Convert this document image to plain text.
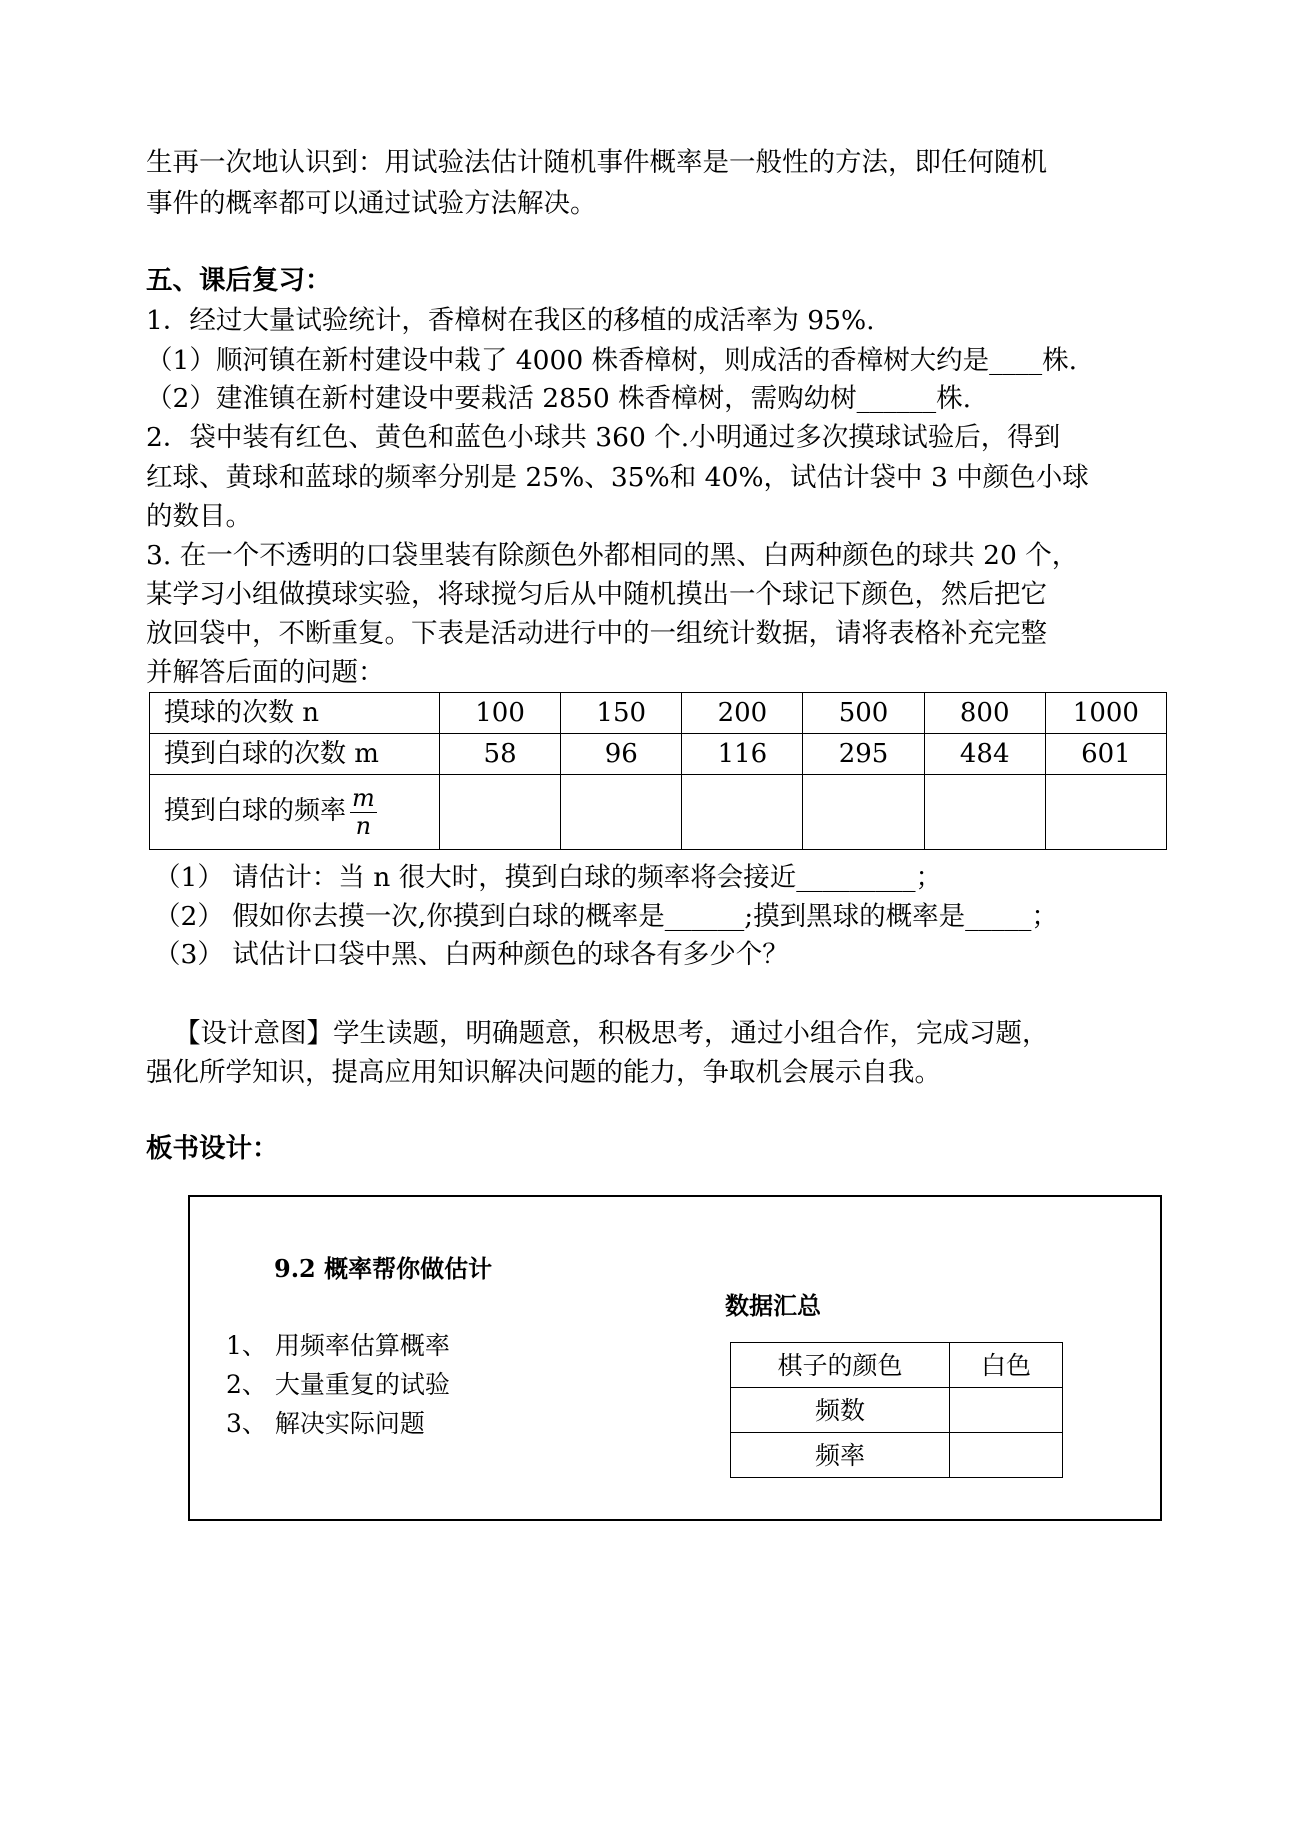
生再一次地认识到：用试验法估计随机事件概率是一般性的方法，即任何随机
事件的概率都可以通过试验方法解决。
五、课后复习：
1．经过大量试验统计，香樟树在我区的移植的成活率为 95%.
（1）顺河镇在新村建设中栽了 4000 株香樟树，则成活的香樟树大约是____株.
（2）建淮镇在新村建设中要栽活 2850 株香樟树，需购幼树______株.
2．袋中装有红色、黄色和蓝色小球共 360 个.小明通过多次摸球试验后，得到
红球、黄球和蓝球的频率分别是 25%、35%和 40%，试估计袋中 3 中颜色小球
的数目。
3. 在一个不透明的口袋里装有除颜色外都相同的黑、白两种颜色的球共 20 个，
某学习小组做摸球实验，将球搅匀后从中随机摸出一个球记下颜色，然后把它
放回袋中，不断重复。下表是活动进行中的一组统计数据，请将表格补充完整
并解答后面的问题：
摸球的次数 n	100	150	200	500	800	1000
摸到白球的次数 m	58	96	116	295	484	601
摸到白球的频率 $\frac{m}{n}$

（1） 请估计：当 n 很大时，摸到白球的频率将会接近_________；
（2） 假如你去摸一次,你摸到白球的概率是______;摸到黑球的概率是_____；
（3） 试估计口袋中黑、白两种颜色的球各有多少个？
【设计意图】学生读题，明确题意，积极思考，通过小组合作，完成习题，
强化所学知识，提高应用知识解决问题的能力，争取机会展示自我。
板书设计：
9.2 概率帮你做估计
数据汇总
1、 用频率估算概率
2、 大量重复的试验
3、 解决实际问题
棋子的颜色	白色
频数	
频率	
